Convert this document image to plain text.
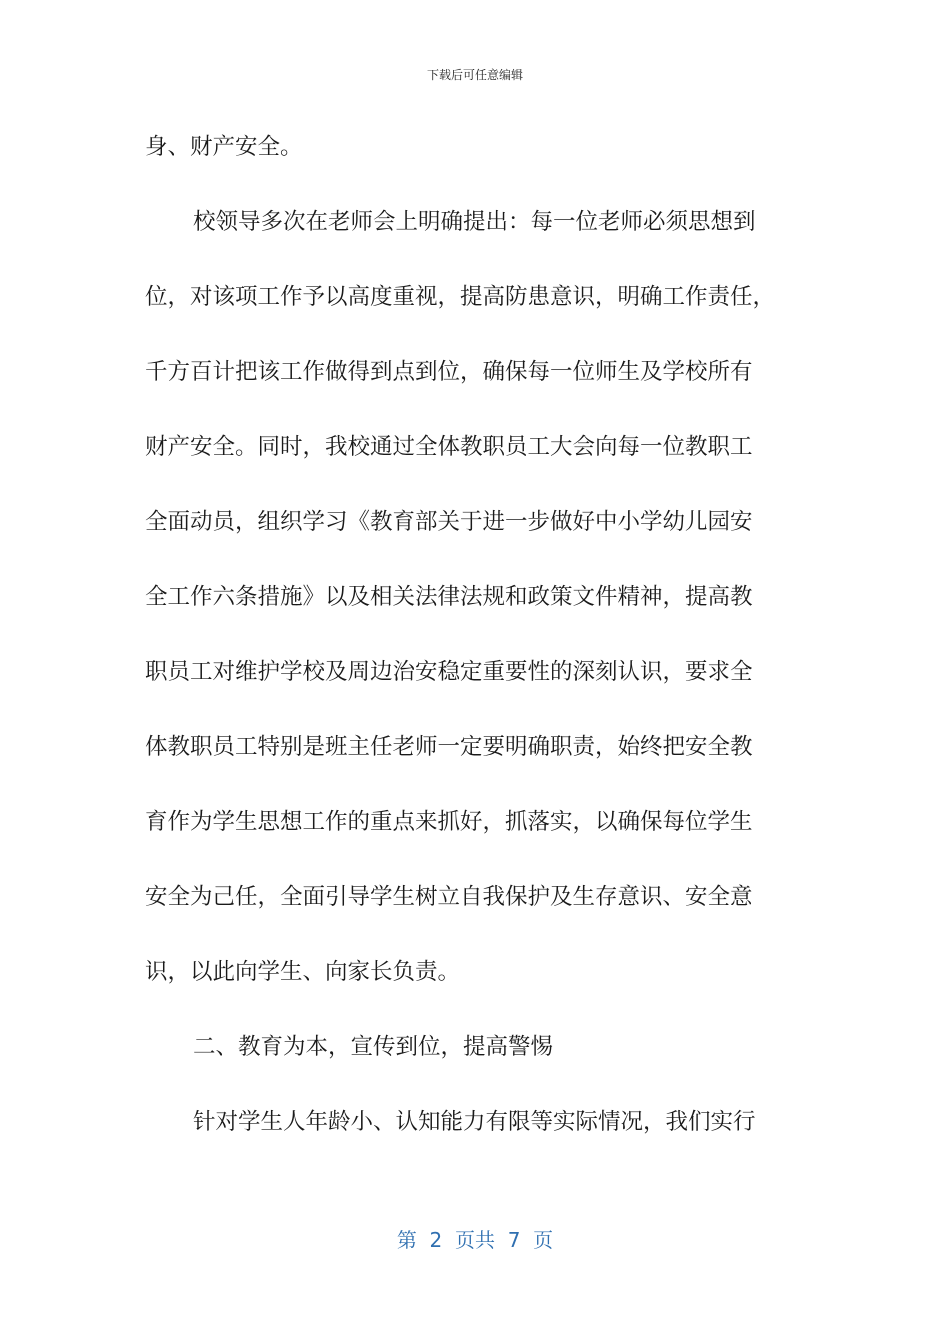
下载后可任意编辑
身、财产安全。
校领导多次在老师会上明确提出：每一位老师必须思想到
位，对该项工作予以高度重视，提高防患意识，明确工作责任，
千方百计把该工作做得到点到位，确保每一位师生及学校所有
财产安全。同时，我校通过全体教职员工大会向每一位教职工
全面动员，组织学习《教育部关于进一步做好中小学幼儿园安
全工作六条措施》以及相关法律法规和政策文件精神，提高教
职员工对维护学校及周边治安稳定重要性的深刻认识，要求全
体教职员工特别是班主任老师一定要明确职责，始终把安全教
育作为学生思想工作的重点来抓好，抓落实，以确保每位学生
安全为己任，全面引导学生树立自我保护及生存意识、安全意
识，以此向学生、向家长负责。
二、教育为本，宣传到位，提高警惕
针对学生人年龄小、认知能力有限等实际情况，我们实行
第  2  页共  7  页
